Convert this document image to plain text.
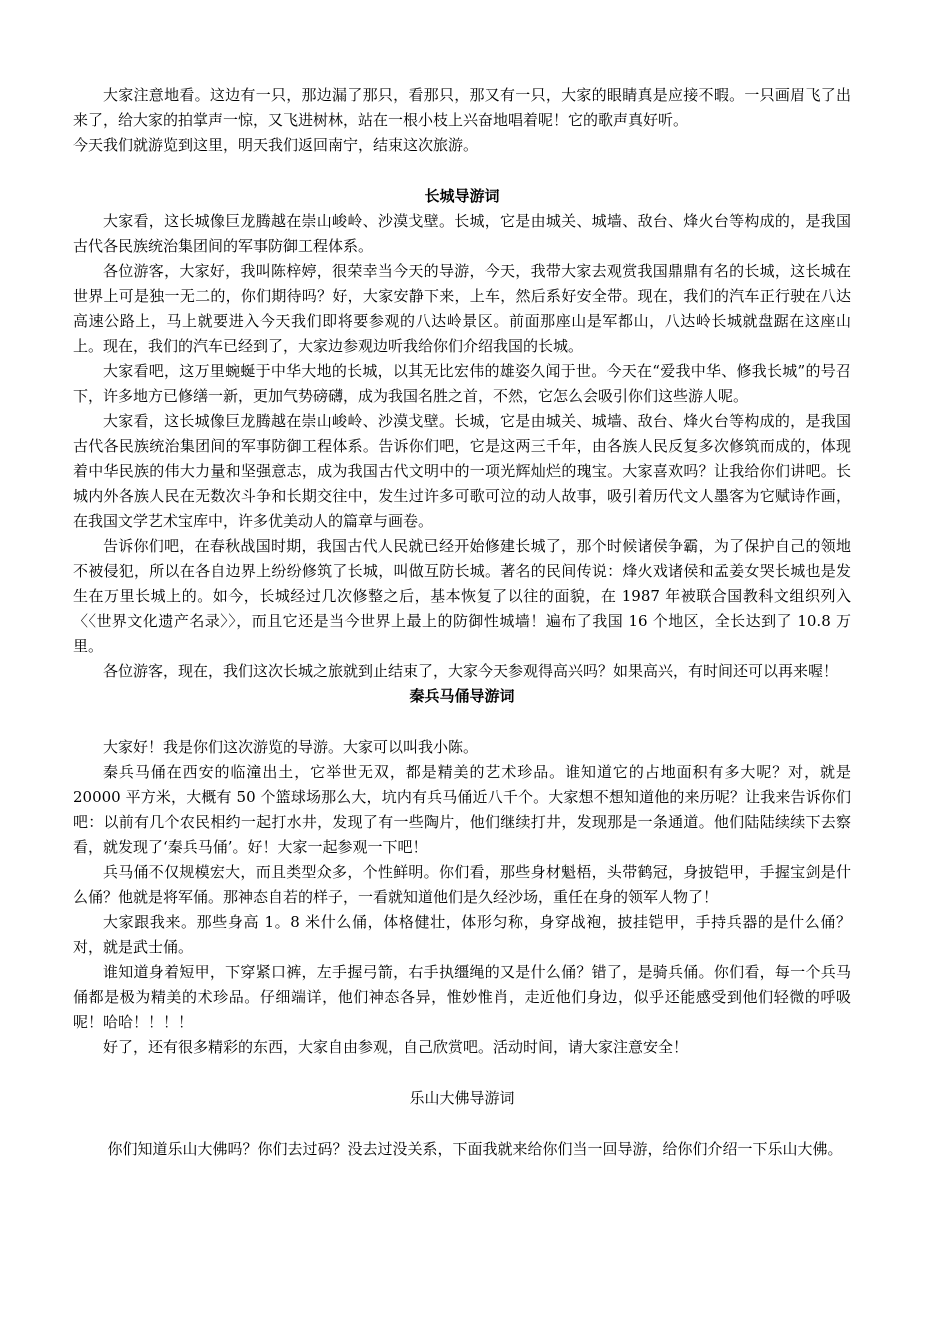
大家注意地看。这边有一只，那边漏了那只，看那只，那又有一只，大家的眼睛真是应接不暇。一只画眉飞了出来了，给大家的拍掌声一惊，又飞进树林，站在一根小枝上兴奋地唱着呢！它的歌声真好听。

今天我们就游览到这里，明天我们返回南宁，结束这次旅游。

长城导游词

大家看，这长城像巨龙腾越在崇山峻岭、沙漠戈壁。长城，它是由城关、城墙、敌台、烽火台等构成的，是我国古代各民族统治集团间的军事防御工程体系。

各位游客，大家好，我叫陈梓婷，很荣幸当今天的导游，今天，我带大家去观赏我国鼎鼎有名的长城，这长城在世界上可是独一无二的，你们期待吗？好，大家安静下来，上车，然后系好安全带。现在，我们的汽车正行驶在八达高速公路上，马上就要进入今天我们即将要参观的八达岭景区。前面那座山是军都山，八达岭长城就盘踞在这座山上。现在，我们的汽车已经到了，大家边参观边听我给你们介绍我国的长城。

大家看吧，这万里蜿蜒于中华大地的长城，以其无比宏伟的雄姿久闻于世。今天在“爱我中华、修我长城”的号召下，许多地方已修缮一新，更加气势磅礴，成为我国名胜之首，不然，它怎么会吸引你们这些游人呢。

大家看，这长城像巨龙腾越在崇山峻岭、沙漠戈壁。长城，它是由城关、城墙、敌台、烽火台等构成的，是我国古代各民族统治集团间的军事防御工程体系。告诉你们吧，它是这两三千年，由各族人民反复多次修筑而成的，体现着中华民族的伟大力量和坚强意志，成为我国古代文明中的一项光辉灿烂的瑰宝。大家喜欢吗？让我给你们讲吧。长城内外各族人民在无数次斗争和长期交往中，发生过许多可歌可泣的动人故事，吸引着历代文人墨客为它赋诗作画，在我国文学艺术宝库中，许多优美动人的篇章与画卷。

告诉你们吧，在春秋战国时期，我国古代人民就已经开始修建长城了，那个时候诸侯争霸，为了保护自己的领地不被侵犯，所以在各自边界上纷纷修筑了长城，叫做互防长城。著名的民间传说：烽火戏诸侯和孟姜女哭长城也是发生在万里长城上的。如今，长城经过几次修整之后，基本恢复了以往的面貌，在 1987 年被联合国教科文组织列入〈〈世界文化遗产名录〉〉，而且它还是当今世界上最上的防御性城墙！遍布了我国 16 个地区，全长达到了 10.8 万里。

各位游客，现在，我们这次长城之旅就到止结束了，大家今天参观得高兴吗？如果高兴，有时间还可以再来喔！

秦兵马俑导游词

大家好！我是你们这次游览的导游。大家可以叫我小陈。

秦兵马俑在西安的临潼出土，它举世无双，都是精美的艺术珍品。谁知道它的占地面积有多大呢？对，就是 20000 平方米，大概有 50 个篮球场那么大，坑内有兵马俑近八千个。大家想不想知道他的来历呢？让我来告诉你们吧：以前有几个农民相约一起打水井，发现了有一些陶片，他们继续打井，发现那是一条通道。他们陆陆续续下去察看，就发现了‘秦兵马俑’。好！大家一起参观一下吧！

兵马俑不仅规模宏大，而且类型众多，个性鲜明。你们看，那些身材魁梧，头带鹤冠，身披铠甲，手握宝剑是什么俑？他就是将军俑。那神态自若的样子，一看就知道他们是久经沙场，重任在身的领军人物了！

大家跟我来。那些身高 1。8 米什么俑，体格健壮，体形匀称，身穿战袍，披挂铠甲，手持兵器的是什么俑？对，就是武士俑。

谁知道身着短甲，下穿紧口裤，左手握弓箭，右手执缰绳的又是什么俑？错了，是骑兵俑。你们看，每一个兵马俑都是极为精美的术珍品。仔细端详，他们神态各异，惟妙惟肖，走近他们身边，似乎还能感受到他们轻微的呼吸呢！哈哈！！！！

好了，还有很多精彩的东西，大家自由参观，自己欣赏吧。活动时间，请大家注意安全！

乐山大佛导游词

你们知道乐山大佛吗？你们去过码？没去过没关系，下面我就来给你们当一回导游，给你们介绍一下乐山大佛。
